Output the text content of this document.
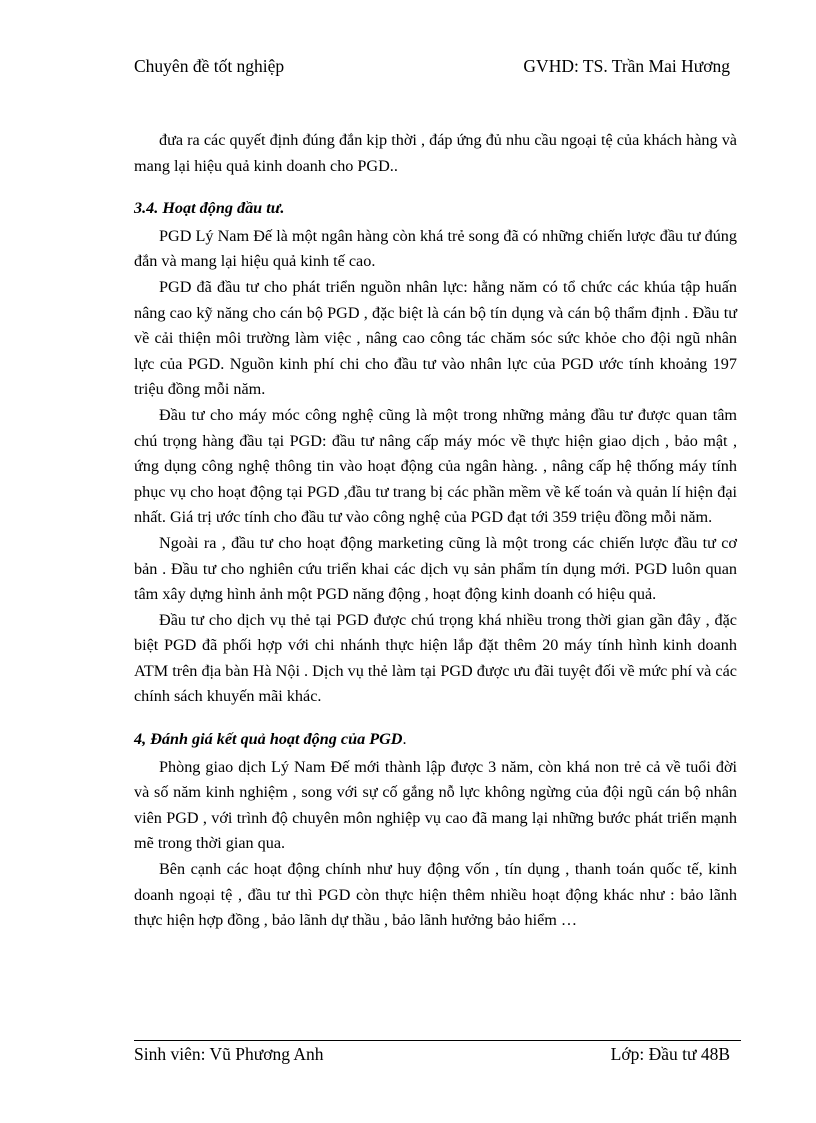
Chuyên đề tốt nghiệp	GVHD: TS. Trần Mai Hương

đưa ra các quyết định đúng đắn kịp thời , đáp ứng đủ nhu cầu ngoại tệ của khách hàng và mang lại hiệu quả kinh doanh cho PGD..

3.4. Hoạt động đầu tư.

PGD Lý Nam Đế là một ngân hàng còn khá trẻ song đã có những chiến lược đầu tư đúng đắn và mang lại hiệu quả kinh tế cao.

PGD đã đầu tư cho phát triển nguồn nhân lực: hằng năm có tổ chức các khúa tập huấn nâng cao kỹ năng cho cán bộ PGD , đặc biệt là cán bộ tín dụng và cán bộ thẩm định . Đầu tư về cải thiện môi trường làm việc , nâng cao công tác chăm sóc sức khỏe cho đội ngũ nhân lực của PGD. Nguồn kinh phí chi cho đầu tư vào nhân lực của PGD ước tính khoảng 197 triệu đồng mỗi năm.

Đầu tư cho máy móc công nghệ cũng là một trong những mảng đầu tư được quan tâm chú trọng hàng đầu tại PGD: đầu tư nâng cấp máy móc về thực hiện giao dịch , bảo mật , ứng dụng công nghệ thông tin vào hoạt động của ngân hàng. , nâng cấp hệ thống máy tính phục vụ cho hoạt động tại PGD ,đầu tư trang bị các phần mềm về kế toán và quản lí hiện đại nhất. Giá trị ước tính cho đầu tư vào công nghệ của PGD đạt tới 359 triệu đồng mỗi năm.

Ngoài ra , đầu tư cho hoạt động marketing cũng là một trong các chiến lược đầu tư cơ bản . Đầu tư cho nghiên cứu triển khai các dịch vụ sản phẩm tín dụng mới. PGD luôn quan tâm xây dựng hình ảnh một PGD năng động , hoạt động kinh doanh có hiệu quả.

Đầu tư cho dịch vụ thẻ tại PGD được chú trọng khá nhiều trong thời gian gần đây , đặc biệt PGD đã phối hợp với chi nhánh thực hiện lắp đặt thêm 20 máy tính hình kinh doanh ATM trên địa bàn Hà Nội . Dịch vụ thẻ làm tại PGD được ưu đãi tuyệt đối về mức phí và các chính sách khuyến mãi khác.

4, Đánh giá kết quả hoạt động của PGD.

Phòng giao dịch Lý Nam Đế mới thành lập được 3 năm, còn khá non trẻ cả về tuổi đời và số năm kinh nghiệm , song với sự cố gắng nỗ lực không ngừng của đội ngũ cán bộ nhân viên PGD , với trình độ chuyên môn nghiệp vụ cao đã mang lại những bước phát triển mạnh mẽ trong thời gian qua.

Bên cạnh các hoạt động chính như huy động vốn , tín dụng , thanh toán quốc tế, kinh doanh ngoại tệ , đầu tư thì PGD còn thực hiện thêm nhiều hoạt động khác như : bảo lãnh thực hiện hợp đồng , bảo lãnh dự thầu , bảo lãnh hưởng bảo hiểm …

Sinh viên: Vũ Phương Anh	Lớp: Đầu tư 48B
